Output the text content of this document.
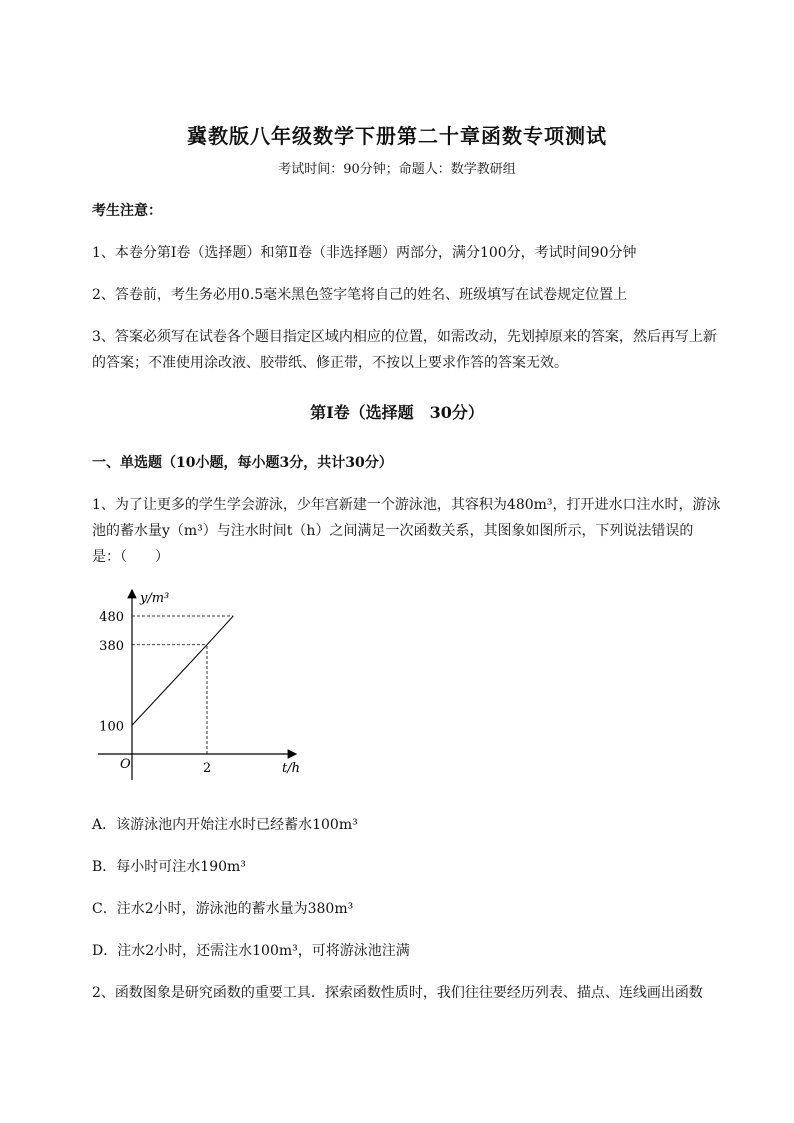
冀教版八年级数学下册第二十章函数专项测试
考试时间：90分钟；命题人：数学教研组
考生注意：
1、本卷分第I卷（选择题）和第Ⅱ卷（非选择题）两部分，满分100分，考试时间90分钟
2、答卷前，考生务必用0.5毫米黑色签字笔将自己的姓名、班级填写在试卷规定位置上
3、答案必须写在试卷各个题目指定区域内相应的位置，如需改动，先划掉原来的答案，然后再写上新
的答案；不准使用涂改液、胶带纸、修正带，不按以上要求作答的答案无效。
第I卷（选择题　30分）
一、单选题（10小题，每小题3分，共计30分）
1、为了让更多的学生学会游泳，少年宫新建一个游泳池，其容积为480m³，打开进水口注水时，游泳
池的蓄水量y（m³）与注水时间t（h）之间满足一次函数关系，其图象如图所示，下列说法错误的
是：（　　）
100
380
480
2
y/m³
t/h
O
A．该游泳池内开始注水时已经蓄水100m³
B．每小时可注水190m³
C．注水2小时，游泳池的蓄水量为380m³
D．注水2小时，还需注水100m³，可将游泳池注满
2、函数图象是研究函数的重要工具．探索函数性质时，我们往往要经历列表、描点、连线画出函数
